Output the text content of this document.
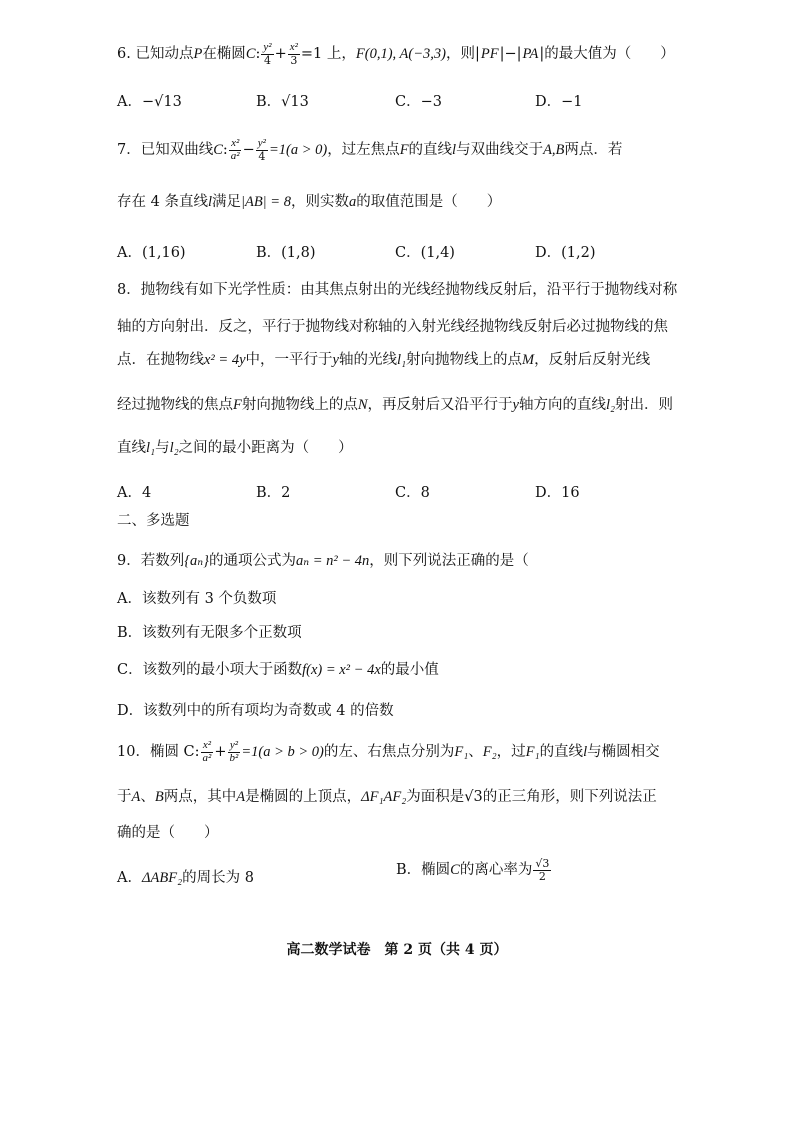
6. 已知动点P在椭圆C: $\frac{\text{y²}}{4} + \frac{\text{x²}}{3} =1$ 上，F(0,1), A(−3,3)，则|PF|−|PA|的最大值为（　　）
A．−√13	B．√13	C．−3	D．−1
7．已知双曲线C: $\frac{\text{x²}}{\text{a²}} - \frac{\text{y²}}{4} =1(a > 0)$，过左焦点F的直线l与双曲线交于A,B两点．若
存在 4 条直线l满足|AB| = 8，则实数a的取值范围是（　　）
A．(1,16)	B．(1,8)	C．(1,4)	D．(1,2)
8．抛物线有如下光学性质：由其焦点射出的光线经抛物线反射后，沿平行于抛物线对称
轴的方向射出．反之，平行于抛物线对称轴的入射光线经抛物线反射后必过抛物线的焦
点．在抛物线x² = 4y中，一平行于y轴的光线l₁射向抛物线上的点M，反射后反射光线
经过抛物线的焦点F射向抛物线上的点N，再反射后又沿平行于y轴方向的直线l₂射出．则
直线l₁与l₂之间的最小距离为（　　）
A．4	B．2	C．8	D．16
二、多选题
9．若数列{aₙ}的通项公式为aₙ = n² − 4n，则下列说法正确的是（
A．该数列有 3 个负数项
B．该数列有无限多个正数项
C．该数列的最小项大于函数f(x) = x² − 4x的最小值
D．该数列中的所有项均为奇数或 4 的倍数
10．椭圆 C: $\frac{\text{x²}}{\text{a²}} + \frac{\text{y²}}{\text{b²}} =1(a > b > 0)$的左、右焦点分别为F₁、F₂，过F₁的直线l与椭圆相交
于A、B两点，其中A是椭圆的上顶点，ΔF₁AF₂为面积是√3的正三角形，则下列说法正
确的是（　　）
A．ΔABF₂的周长为 8	B．椭圆C的离心率为 $\frac{√3}{2}$
高二数学试卷　第 2 页（共 4 页）
